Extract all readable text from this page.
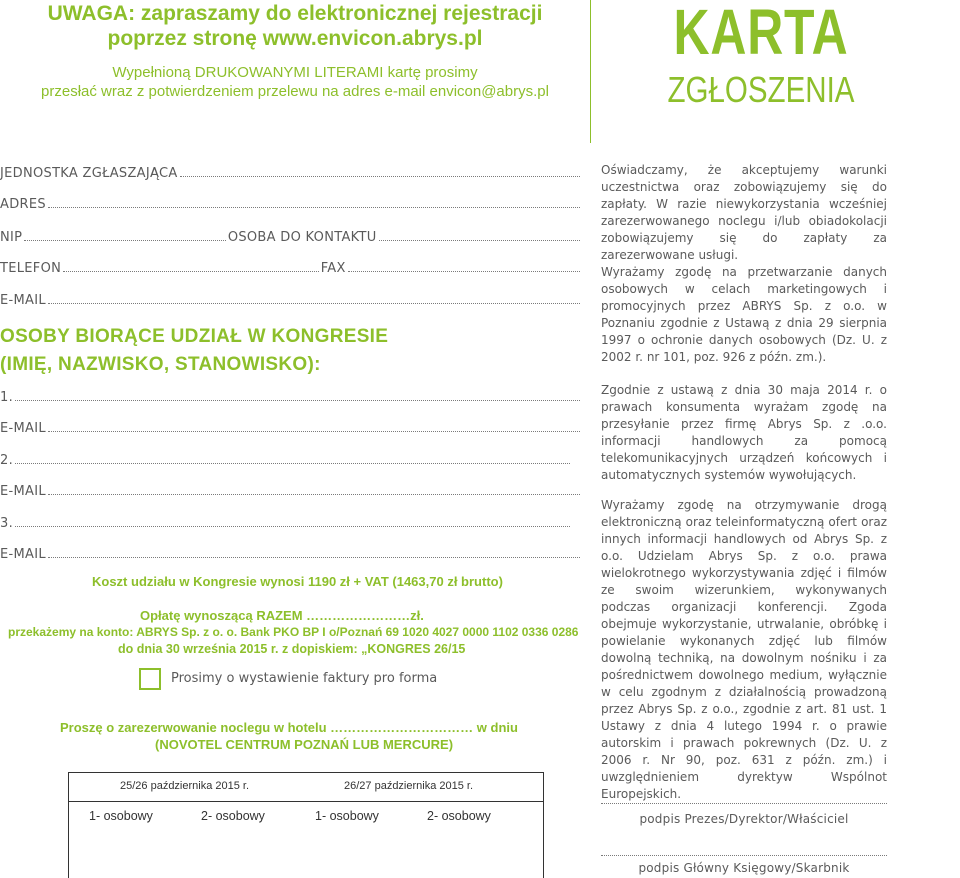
UWAGA: zapraszamy do elektronicznej rejestracji
poprzez stronę www.envicon.abrys.pl
Wypełnioną DRUKOWANYMI LITERAMI kartę prosimy
przesłać wraz z potwierdzeniem przelewu na adres e-mail envicon@abrys.pl
KARTA
ZGŁOSZENIA
JEDNOSTKA ZGŁASZAJĄCA
ADRES
NIP	OSOBA DO KONTAKTU
TELEFON	FAX
E-MAIL
OSOBY BIORĄCE UDZIAŁ W KONGRESIE
(IMIĘ, NAZWISKO, STANOWISKO):
1.
E-MAIL
2.
E-MAIL
3.
E-MAIL
Koszt udziału w Kongresie wynosi 1190 zł + VAT (1463,70 zł brutto)
Opłatę wynoszącą RAZEM ……………………zł.
przekażemy na konto: ABRYS Sp. z o. o. Bank PKO BP I o/Poznań 69 1020 4027 0000 1102 0336 0286
do dnia 30 września 2015 r. z dopiskiem: „KONGRES 26/15
Prosimy o wystawienie faktury pro forma
Proszę o zarezerwowanie noclegu w hotelu …………………………… w dniu
(NOVOTEL CENTRUM POZNAŃ LUB MERCURE)
25/26 października 2015 r.	26/27 października 2015 r.
1- osobowy	2- osobowy	1- osobowy	2- osobowy
Oświadczamy, że akceptujemy warunki uczestnictwa oraz zobowiązujemy się do zapłaty. W razie niewykorzystania wcześniej zarezerwowanego noclegu i/lub obiadokolacji zobowiązujemy się do zapłaty za zarezerwowane usługi.
Wyrażamy zgodę na przetwarzanie danych osobowych w celach marketingowych i promocyjnych przez ABRYS Sp. z o.o. w Poznaniu zgodnie z Ustawą z dnia 29 sierpnia 1997 o ochronie danych osobowych (Dz. U. z 2002 r. nr 101, poz. 926 z późn. zm.).
Zgodnie z ustawą z dnia 30 maja 2014 r. o prawach konsumenta wyrażam zgodę na przesyłanie przez firmę Abrys Sp. z .o.o. informacji handlowych za pomocą telekomunikacyjnych urządzeń końcowych i automatycznych systemów wywołujących.
Wyrażamy zgodę na otrzymywanie drogą elektroniczną oraz teleinformatyczną ofert oraz innych informacji handlowych od Abrys Sp. z o.o. Udzielam Abrys Sp. z o.o. prawa wielokrotnego wykorzystywania zdjęć i filmów ze swoim wizerunkiem, wykonywanych podczas organizacji konferencji. Zgoda obejmuje wykorzystanie, utrwalanie, obróbkę i powielanie wykonanych zdjęć lub filmów dowolną techniką, na dowolnym nośniku i za pośrednictwem dowolnego medium, wyłącznie w celu zgodnym z działalnością prowadzoną przez Abrys Sp. z o.o., zgodnie z art. 81 ust. 1 Ustawy z dnia 4 lutego 1994 r. o prawie autorskim i prawach pokrewnych (Dz. U. z 2006 r. Nr 90, poz. 631 z późn. zm.) i uwzględnieniem dyrektyw Wspólnot Europejskich.
podpis Prezes/Dyrektor/Właściciel
podpis Główny Księgowy/Skarbnik
